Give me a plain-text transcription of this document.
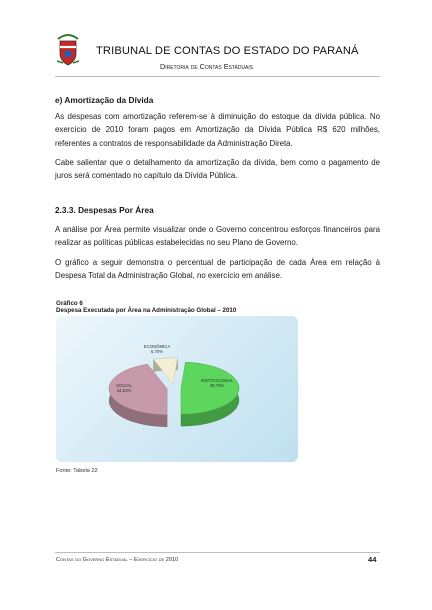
TRIBUNAL DE CONTAS DO ESTADO DO PARANÁ
Diretoria de Contas Estaduais
e) Amortização da Dívida
As despesas com amortização referem-se à diminuição do estoque da dívida pública. No exercício de 2010 foram pagos em Amortização da Dívida Pública R$ 620 milhões, referentes a contratos de responsabilidade da Administração Direta.
Cabe salientar que o detalhamento da amortização da dívida, bem como o pagamento de juros será comentado no capítulo da Dívida Pública.
2.3.3. Despesas Por Área
A análise por Área permite visualizar onde o Governo concentrou esforços financeiros para realizar as políticas públicas estabelecidas no seu Plano de Governo.
O gráfico a seguir demonstra o percentual de participação de cada Área em relação à Despesa Total da Administração Global, no exercício em análise.
Gráfico 6
Despesa Executada por Área na Administração Global – 2010
ECONÔMICA
6,70%
SOCIAL
44,53%
INSTITUCIONAL
48,78%
Fonte: Tabela 22
Contas do Governo Estadual – Exercício de 2010	44
